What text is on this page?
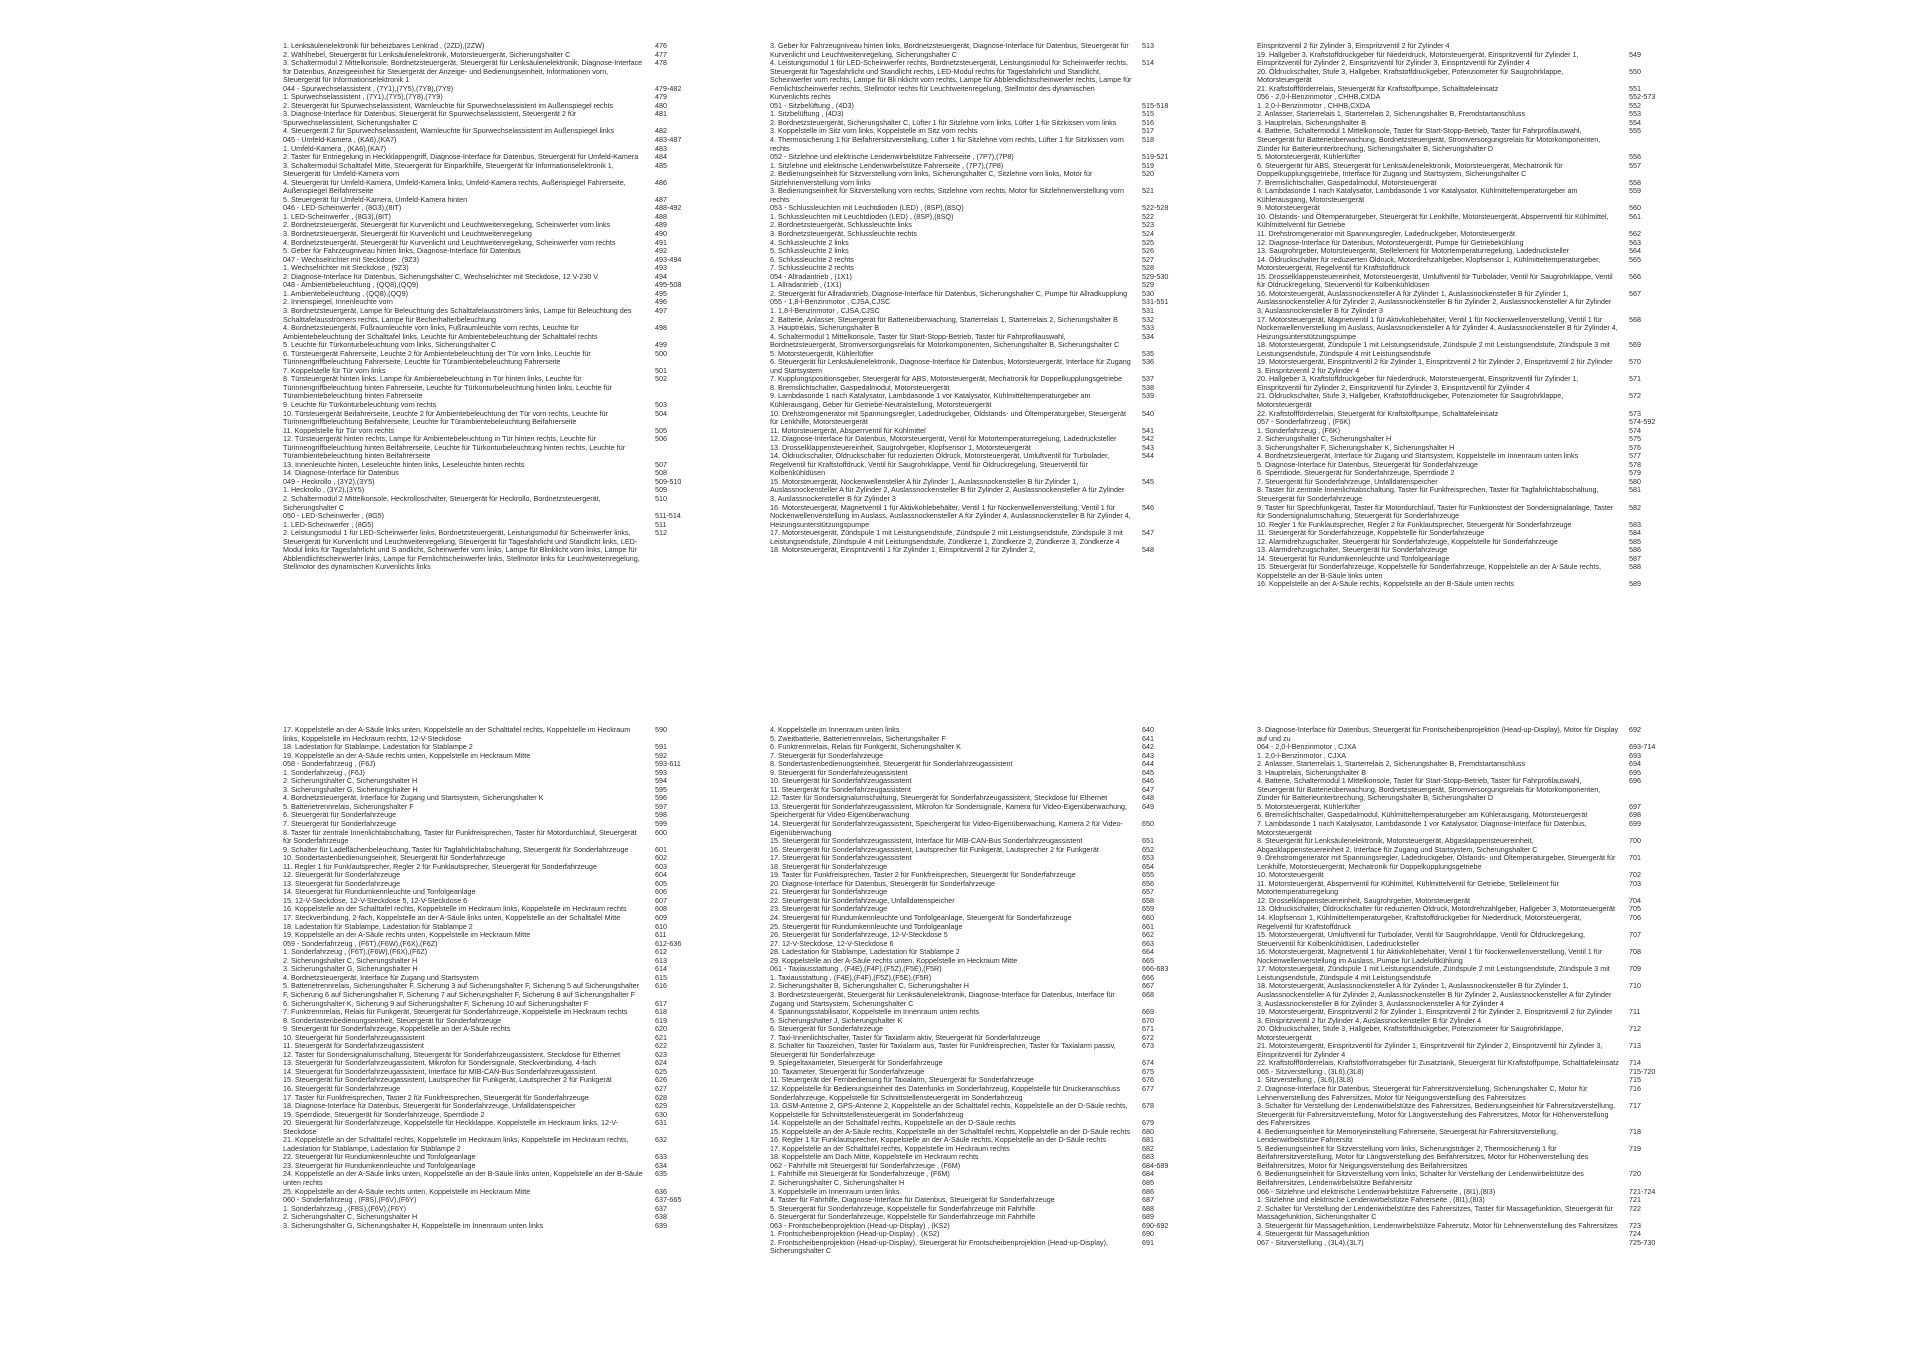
1. Lenksäulenelektronik für beheizbares Lenkrad , (2ZD),(2ZW)	476
2. Wählhebel, Steuergerät für Lenksäulenelektronik, Motorsteuergerät, Sicherungshalter C	477
3. Schaltermodul 2 Mittelkonsole, Bordnetzsteuergerät, Steuergerät für Lenksäulenelektronik, Diagnose-Interface für Datenbus, Anzeigeeinheit für Steuergerät der Anzeige- und Bedienungseinheit, Informationen vorn, Steuergerät für Informationselektronik 1
478
044 - Spurwechselassistent , (7Y1),(7Y5),(7Y8),(7Y9)	479-482
1. Spurwechselassistent , (7Y1),(7Y5),(7Y8),(7Y9)	479
2. Steuergerät für Spurwechselassistent, Warnleuchte für Spurwechselassistent im Außenspiegel rechts	480
3. Diagnose-Interface für Datenbus, Steuergerät für Spurwechselassistent, Steuergerät 2 für Spurwechselassistent, Sicherungshalter C
481
4. Steuergerät 2 für Spurwechselassistent, Warnleuchte für Spurwechselassistent im Außenspiegel links	482
045 - Umfeld-Kamera , (KA6),(KA7)	483-487
1. Umfeld-Kamera , (KA6),(KA7)	483
2. Taster für Entriegelung in Heckklappengriff, Diagnose-Interface für Datenbus, Steuergerät für Umfeld-Kamera	484
3. Schaltermodul Schalttafel Mitte, Steuergerät für Einparkhilfe, Steuergerät für Informationselektronik 1, Steuergerät für Umfeld-Kamera vorn
485
4. Steuergerät für Umfeld-Kamera, Umfeld-Kamera links, Umfeld-Kamera rechts, Außenspiegel Fahrerseite, Außenspiegel Beifahrerseite
486
5. Steuergerät für Umfeld-Kamera, Umfeld-Kamera hinten	487
046 - LED-Scheinwerfer , (8G3),(8IT)	488-492
1. LED-Scheinwerfer , (8G3),(8IT)	488
2. Bordnetzsteuergerät, Steuergerät für Kurvenlicht und Leuchtweitenregelung, Scheinwerfer vorn links	489
3. Bordnetzsteuergerät, Steuergerät für Kurvenlicht und Leuchtweitenregelung	490
4. Bordnetzsteuergerät, Steuergerät für Kurvenlicht und Leuchtweitenregelung, Scheinwerfer vorn rechts	491
5. Geber für Fahrzeugniveau hinten links, Diagnose-Interface für Datenbus	492
047 - Wechselrichter mit Steckdose , (9Z3)	493-494
1. Wechselrichter mit Steckdose , (9Z3)	493
2. Diagnose-Interface für Datenbus, Sicherungshalter C, Wechselrichter mit Steckdose, 12 V-230 V	494
048 - Ambientebeleuchtung , (QQ8),(QQ9)	495-508
1. Ambientebeleuchtung , (QQ8),(QQ9)	495
2. Innenspiegel, Innenleuchte vorn	496
3. Bordnetzsteuergerät, Lampe für Beleuchtung des Schalttafelausströmers links, Lampe für Beleuchtung des Schalttafelausströmers rechts, Lampe für Becherhalterbeleuchtung
497
4. Bordnetzsteuergerät, Fußraumleuchte vorn links, Fußraumleuchte vorn rechts, Leuchte für Ambientebeleuchtung der Schalttafel links, Leuchte für Ambientebeleuchtung der Schalttafel rechts
498
5. Leuchte für Türkonturbeleuchtung vorn links, Sicherungshalter C	499
6. Türsteuergerät Fahrerseite, Leuchte 2 für Ambientebeleuchtung der Tür vorn links, Leuchte für Türinnengriffbeleuchtung Fahrerseite, Leuchte für Türambientebeleuchtung Fahrerseite
500
7. Koppelstelle für Tür vorn links	501
8. Türsteuergerät hinten links, Lampe für Ambientebeleuchtung in Tür hinten links, Leuchte für Türinnengriffbeleuchtung hinten Fahrerseite, Leuchte für Türkonturbeleuchtung hinten links, Leuchte für Türambientebeleuchtung hinten Fahrerseite
502
9. Leuchte für Türkonturbeleuchtung vorn rechts	503
10. Türsteuergerät Beifahrerseite, Leuchte 2 für Ambientebeleuchtung der Tür vorn rechts, Leuchte für Türinnengriffbeleuchtung Beifahrerseite, Leuchte für Türambientebeleuchtung Beifahrerseite
504
11. Koppelstelle für Tür vorn rechts	505
12. Türsteuergerät hinten rechts, Lampe für Ambientebeleuchtung in Tür hinten rechts, Leuchte für Türinnengriffbeleuchtung hinten Beifahrerseite, Leuchte für Türkonturbeleuchtung hinten rechts, Leuchte für Türambientebeleuchtung hinten Beifahrerseite
506
13. Innenleuchte hinten, Leseleuchte hinten links, Leseleuchte hinten rechts	507
14. Diagnose-Interface für Datenbus	508
049 - Heckrollo , (3Y2),(3Y5)	509-510
1. Heckrollo , (3Y2),(3Y5)	509
2. Schaltermodul 2 Mittelkonsole, Heckrolloschalter, Steuergerät für Heckrollo, Bordnetzsteuergerät, Sicherungshalter C
510
050 - LED-Scheinwerfer , (8G5)	511-514
1. LED-Scheinwerfer , (8G5)	511
2. Leistungsmodul 1 für LED-Scheinwerfer links, Bordnetzsteuergerät, Leistungsmodul für Scheinwerfer links, Steuergerät für Kurvenlicht und Leuchtweitenregelung, Steuergerät für Tagesfahrlicht und Standlicht links, LED-Modul links für Tagesfahrlicht und S andlicht, Scheinwerfer vorn links, Lampe für Blinklicht vorn links, Lampe für Abblendlichtscheinwerfer links, Lampe für Fernlichtscheinwerfer links, Stellmotor links für Leuchtweitenregelung, Stellmotor des dynamischen Kurvenlichts links
512
3. Geber für Fahrzeugniveau hinten links, Bordnetzsteuergerät, Diagnose-Interface für Datenbus, Steuergerät für Kurvenlicht und Leuchtweitenregelung, Sicherungshalter C
513
4. Leistungsmodul 1 für LED-Scheinwerfer rechts, Bordnetzsteuergerät, Leistungsmodul für Scheinwerfer rechts, Steuergerät für Tagesfahrlicht und Standlicht rechts, LED-Modul rechts für Tagesfahrlicht und Standlicht, Scheinwerfer vorn rechts, Lampe für Bli nklicht vorn rechts, Lampe für Abblendlichtscheinwerfer rechts, Lampe für Fernlichtscheinwerfer rechts, Stellmotor rechts für Leuchtweitenregelung, Stellmotor des dynamischen Kurvenlichts rechts
514
051 - Sitzbelüftung , (4D3)	515-518
1. Sitzbelüftung , (4D3)	515
2. Bordnetzsteuergerät, Sicherungshalter C, Lüfter 1 für Sitzlehne vorn links, Lüfter 1 für Sitzkissen vorn links	516
3. Koppelstelle im Sitz vorn links, Koppelstelle im Sitz vorn rechts	517
4. Thermosicherung 1 für Beifahrersitzverstellung, Lüfter 1 für Sitzlehne vorn rechts, Lüfter 1 für Sitzkissen vorn rechts
518
052 - Sitzlehne und elektrische Lendenwirbelstütze Fahrerseite , (7P7),(7P8)	519-521
1. Sitzlehne und elektrische Lendenwirbelstütze Fahrerseite , (7P7),(7P8)	519
2. Bedienungseinheit für Sitzverstellung vorn links, Sicherungshalter C, Sitzlehne vorn links, Motor für Sitzlehnenverstellung vorn links
520
3. Bedienungseinheit für Sitzverstellung vorn rechts, Sitzlehne vorn rechts, Motor für Sitzlehnenverstellung vorn rechts
521
053 - Schlussleuchten mit Leuchtdioden (LED) , (8SP),(8SQ)	522-528
1. Schlussleuchten mit Leuchtdioden (LED) , (8SP),(8SQ)	522
2. Bordnetzsteuergerät, Schlussleuchte links	523
3. Bordnetzsteuergerät, Schlussleuchte rechts	524
4. Schlussleuchte 2 links	525
5. Schlussleuchte 2 links	526
6. Schlussleuchte 2 rechts	527
7. Schlussleuchte 2 rechts	528
054 - Allradantrieb , (1X1)	529-530
1. Allradantrieb , (1X1)	529
2. Steuergerät für Allradantrieb, Diagnose-Interface für Datenbus, Sicherungshalter C, Pumpe für Allradkupplung	530
055 - 1,8-l-Benzinmotor , CJSA,CJSC	531-551
1. 1,8-l-Benzinmotor , CJSA,CJSC	531
2. Batterie, Anlasser, Steuergerät für Batterieüberwachung, Starterrelais 1, Starterrelais 2, Sicherungshalter B	532
3. Hauptrelais, Sicherungshalter B	533
4. Schaltermodul 1 Mittelkonsole, Taster für Start-Stopp-Betrieb, Taster für Fahrprofilauswahl, Bordnetzsteuergerät, Stromversorgungsrelais für Motorkomponenten, Sicherungshalter B, Sicherungshalter C
534
5. Motorsteuergerät, Kühlerlüfter	535
6. Steuergerät für Lenksäulenelektronik, Diagnose-Interface für Datenbus, Motorsteuergerät, Interface für Zugang und Startsystem
536
7. Kupplungspositionsgeber, Steuergerät für ABS, Motorsteuergerät, Mechatronik für Doppelkupplungsgetriebe	537
8. Bremslichtschalter, Gaspedalmodul, Motorsteuergerät	538
9. Lambdasonde 1 nach Katalysator, Lambdasonde 1 vor Katalysator, Kühlmitteltemperaturgeber am Kühlerausgang, Geber für Getriebe-Neutralstellung, Motorsteuergerät
539
10. Drehstromgenerator mit Spannungsregler, Ladedruckgeber, Öldstands- und Öltemperaturgeber, Steuergerät für Lenkhilfe, Motorsteuergerät
540
11. Motorsteuergerät, Absperrventil für Kühlmittel	541
12. Diagnose-Interface für Datenbus, Motorsteuergerät, Ventil für Motortemperaturregelung, Ladedrucksteller	542
13. Drosselklappensteuereinheit, Saugrohrgeber, Klopfsensor 1, Motorsteuergerät	543
14. Öldruckschalter, Öldruckschalter für reduzierten Öldruck, Motorsteuergerät, Umluftventil für Turbolader, Regelventil für Kraftstoffdruck, Ventil für Saugrohrklappe, Ventil für Öldruckregelung, Steuerventil für Kolbenkühldüsen
544
15. Motorsteuergerät, Nockenwellensteller A für Zylinder 1, Auslassnockensteller B für Zylinder 1, Auslassnockensteller A für Zylinder 2, Auslassnockensteller B für Zylinder 2, Auslassnockensteller A für Zylinder 3, Auslassnockensteller B für Zylinder 3
545
16. Motorsteuergerät, Magnetventil 1 für Aktivkohlebehälter, Ventil 1 für Nockenwellenverstellung, Ventil 1 für Nockenwellenverstellung im Auslass, Auslassnockensteller A für Zylinder 4, Auslassnockensteller B für Zylinder 4, Heizungsunterstützungspumpe
546
17. Motorsteuergerät, Zündspule 1 mit Leistungsendstufe, Zündspule 2 mit Leistungsendstufe, Zündspule 3 mit Leistungsendstufe, Zündspule 4 mit Leistungsendstufe, Zündkerze 1, Zündkerze 2, Zündkerze 3, Zündkerze 4
547
18. Motorsteuergerät, Einspritzventil 1 für Zylinder 1, Einspritzventil 2 für Zylinder 2,	548
Einspritzventil 2 für Zylinder 3, Einspritzventil 2 für Zylinder 4
19. Hallgeber 3, Kraftstoffdruckgeber für Niederdruck, Motorsteuergerät, Einspritzventil für Zylinder 1, Einspritzventil für Zylinder 2, Einspritzventil für Zylinder 3, Einspritzventil für Zylinder 4
549
20. Öldruckschalter, Stufe 3, Hallgeber, Kraftstoffdruckgeber, Potenziometer für Saugrohrklappe, Motorsteuergerät
550
21. Kraftstoffförderrelais, Steuergerät für Kraftstoffpumpe, Schalttafeleinsatz	551
056 - 2,0-l-Benzinmotor , CHHB,CXDA	552-573
1. 2,0-l-Benzinmotor , CHHB,CXDA	552
2. Anlasser, Starterrelais 1, Starterrelais 2, Sicherungshalter B, Fremdstartanschluss	553
3. Hauptrelais, Sicherungshalter B	554
4. Batterie, Schaltermodul 1 Mittelkonsole, Taster für Start-Stopp-Betrieb, Taster für Fahrprofilauswahl, Steuergerät für Batterieüberwachung, Bordnetzsteuergerät, Stromversorgungsrelais für Motorkomponenten, Zünder für Batterieunterbrechung, Sicherungshalter B, Sicherungshalter D
555
5. Motorsteuergerät, Kühlerlüfter	556
6. Steuergerät für ABS, Steuergerät für Lenksäulenelektronik, Motorsteuergerät, Mechatronik für Doppelkupplungsgetriebe, Interface für Zugang und Startsystem, Sicherungshalter C
557
7. Bremslichtschalter, Gaspedalmodul, Motorsteuergerät	558
8. Lambdasonde 1 nach Katalysator, Lambdasonde 1 vor Katalysator, Kühlmitteltemperaturgeber am Kühlerausgang, Motorsteuergerät
559
9. Motorsteuergerät	560
10. Ölstands- und Öltemperaturgeber, Steuergerät für Lenkhilfe, Motorsteuergerät, Absperrventil für Kühlmittel, Kühlmittelventil für Getriebe
561
11. Drehstromgenerator mit Spannungsregler, Ladedruckgeber, Motorsteuergerät	562
12. Diagnose-Interface für Datenbus, Motorsteuergerät, Pumpe für Getriebekühlung	563
13. Saugrohrgeber, Motorsteuergerät, Stellelement für Motortemperaturregelung, Ladedrucksteller	564
14. Öldruckschalter für reduzierten Öldruck, Motordrehzahlgeber, Klopfsensor 1, Kühlmitteltemperaturgeber, Motorsteuergerät, Regelventil für Kraftstoffdruck
565
15. Drosselklappensteuereinheit, Motorsteuergerät, Umluftventil für Turbolader, Ventil für Saugrohrklappe, Ventil für Öldruckregelung, Steuerventil für Kolbenkühldüsen
566
16. Motorsteuergerät, Auslassnockensteller A für Zylinder 1, Auslassnockensteller B für Zylinder 1, Auslassnockensteller A für Zylinder 2, Auslassnockensteller B für Zylinder 2, Auslassnockensteller A für Zylinder 3, Auslassnockensteller B für Zylinder 3
567
17. Motorsteuergerät, Magnetventil 1 für Aktivkohlebehälter, Ventil 1 für Nockenwellenverstellung, Ventil 1 für Nockenwellenverstellung im Auslass, Auslassnockensteller A für Zylinder 4, Auslassnockensteller B für Zylinder 4, Heizungsunterstützungspumpe
568
18. Motorsteuergerät, Zündspule 1 mit Leistungsendstufe, Zündspule 2 mit Leistungsendstufe, Zündspule 3 mit Leistungsendstufe, Zündspule 4 mit Leistungsendstufe
569
19. Motorsteuergerät, Einspritzventil 2 für Zylinder 1, Einspritzventil 2 für Zylinder 2, Einspritzventil 2 für Zylinder 3, Einspritzventil 2 für Zylinder 4
570
20. Hallgeber 3, Kraftstoffdruckgeber für Niederdruck, Motorsteuergerät, Einspritzventil für Zylinder 1, Einspritzventil für Zylinder 2, Einspritzventil für Zylinder 3, Einspritzventil für Zylinder 4
571
21. Öldruckschalter, Stufe 3, Hallgeber, Kraftstoffdruckgeber, Potenziometer für Saugrohrklappe, Motorsteuergerät
572
22. Kraftstoffförderrelais, Steuergerät für Kraftstoffpumpe, Schalttafeleinsatz	573
057 - Sonderfahrzeug , (F6K)	574-592
1. Sonderfahrzeug , (F6K)	574
2. Sicherungshalter C, Sicherungshalter H	575
3. Sicherungshalter F, Sicherungshalter K, Sicherungshalter H	576
4. Bordnetzsteuergerät, Interface für Zugang und Startsystem, Koppelstelle im Innenraum unten links	577
5. Diagnose-Interface für Datenbus, Steuergerät für Sonderfahrzeuge	578
6. Sperrdiode, Steuergerät für Sonderfahrzeuge, Sperrdiode 2	579
7. Steuergerät für Sonderfahrzeuge, Unfalldatenspeicher	580
8. Taster für zentrale Innenlichtabschaltung, Taster für Funkfreisprechen, Taster für Tagfahrlichtabschaltung, Steuergerät für Sonderfahrzeuge
581
9. Taster für Sprechfunkgerät, Taster für Motordurchlauf, Taster für Funktionstest der Sondersignalanlage, Taster für Sondersignalumschaltung, Steuergerät für Sonderfahrzeuge
582
10. Regler 1 für Funklautsprecher, Regler 2 für Funklautsprecher, Steuergerät für Sonderfahrzeuge	583
11. Steuergerät für Sonderfahrzeuge, Koppelstelle für Sonderfahrzeuge	584
12. Alarmdrehzugschalter, Steuergerät für Sonderfahrzeuge, Koppelstelle für Sonderfahrzeuge	585
13. Alarmdrehzugschalter, Steuergerät für Sonderfahrzeuge	586
14. Steuergerät für Rundumkennleuchte und Tonfolgeanlage	587
15. Steuergerät für Sonderfahrzeuge, Koppelstelle für Sonderfahrzeuge, Koppelstelle an der A-Säule rechts, Koppelstelle an der B-Säule links unten
588
16. Koppelstelle an der A-Säule rechts, Koppelstelle an der B-Säule unten rechts	589
17. Koppelstelle an der A-Säule links unten, Koppelstelle an der Schalttafel rechts, Koppelstelle im Heckraum links, Koppelstelle im Heckraum rechts, 12-V-Steckdose
590
18. Ladestation für Stablampe, Ladestation für Stablampe 2	591
19. Koppelstelle an der A-Säule rechts unten, Koppelstelle im Heckraum Mitte	592
058 - Sonderfahrzeug , (F6J)	593-611
1. Sonderfahrzeug , (F6J)	593
2. Sicherungshalter C, Sicherungshalter H	594
3. Sicherungshalter G, Sicherungshalter H	595
4. Bordnetzsteuergerät, Interface für Zugang und Startsystem, Sicherungshalter K	596
5. Batterietrennrelais, Sicherungshalter F	597
6. Steuergerät für Sonderfahrzeuge	598
7. Steuergerät für Sonderfahrzeuge	599
8. Taster für zentrale Innenlichtabschaltung, Taster für Funkfreisprechen, Taster für Motordurchlauf, Steuergerät für Sonderfahrzeuge
600
9. Schalter für Ladeflächenbeleuchtung, Taster für Tagfahrlichtabschaltung, Steuergerät für Sonderfahrzeuge	601
10. Sondertastenbedienungseinheit, Steuergerät für Sonderfahrzeuge	602
11. Regler 1 für Funklautsprecher, Regler 2 für Funklautsprecher, Steuergerät für Sonderfahrzeuge	603
12. Steuergerät für Sonderfahrzeuge	604
13. Steuergerät für Sonderfahrzeuge	605
14. Steuergerät für Rundumkennleuchte und Tonfolgeanlage	606
15. 12-V-Steckdose, 12-V-Steckdose 5, 12-V-Steckdose 6	607
16. Koppelstelle an der Schalttafel rechts, Koppelstelle im Heckraum links, Koppelstelle im Heckraum rechts	608
17. Steckverbindung, 2-fach, Koppelstelle an der A-Säule links unten, Koppelstelle an der Schalttafel Mitte	609
18. Ladestation für Stablampe, Ladestation für Stablampe 2	610
19. Koppelstelle an der A-Säule rechts unten, Koppelstelle im Heckraum Mitte	611
059 - Sonderfahrzeug , (F6T),(F6W),(F6X),(F6Z)	612-636
1. Sonderfahrzeug , (F6T),(F6W),(F6X),(F6Z)	612
2. Sicherungshalter C, Sicherungshalter H	613
3. Sicherungshalter G, Sicherungshalter H	614
4. Bordnetzsteuergerät, Interface für Zugang und Startsystem	615
5. Batterietrennrelais, Sicherungshalter F, Sicherung 3 auf Sicherungshalter F, Sicherung 5 auf Sicherungshalter F, Sicherung 6 auf Sicherungshalter F, Sicherung 7 auf Sicherungshalter F, Sicherung 8 auf Sicherungshalter F
616
6. Sicherungshalter K, Sicherung 9 auf Sicherungshalter F, Sicherung 10 auf Sicherungshalter F	617
7. Funktrennrelais, Relais für Funkgerät, Steuergerät für Sonderfahrzeuge, Koppelstelle im Heckraum rechts	618
8. Sondertastenbedienungseinheit, Steuergerät für Sonderfahrzeuge	619
9. Steuergerät für Sonderfahrzeuge, Koppelstelle an der A-Säule rechts	620
10. Steuergerät für Sonderfahrzeugassistent	621
11. Steuergerät für Sonderfahrzeugassistent	622
12. Taster für Sondersignalumschaltung, Steuergerät für Sonderfahrzeugassistent, Steckdose für Ethernet	623
13. Steuergerät für Sonderfahrzeugassistent, Mikrofon für Sondersignale, Steckverbindung, 4-fach	624
14. Steuergerät für Sonderfahrzeugassistent, Interface für MIB-CAN-Bus Sonderfahrzeugassistent	625
15. Steuergerät für Sonderfahrzeugassistent, Lautsprecher für Funkgerät, Lautsprecher 2 für Funkgerät	626
16. Steuergerät für Sonderfahrzeuge	627
17. Taster für Funkfreisprechen, Taster 2 für Funkfreisprechen, Steuergerät für Sonderfahrzeuge	628
18. Diagnose-Interface für Datenbus, Steuergerät für Sonderfahrzeuge, Unfalldatenspeicher	629
19. Sperrdiode, Steuergerät für Sonderfahrzeuge, Sperrdiode 2	630
20. Steuergerät für Sonderfahrzeuge, Koppelstelle für Heckklappe, Koppelstelle im Heckraum links, 12-V-Steckdose
631
21. Koppelstelle an der Schalttafel rechts, Koppelstelle im Heckraum links, Koppelstelle im Heckraum rechts, Ladestation für Stablampe, Ladestation für Stablampe 2
632
22. Steuergerät für Rundumkennleuchte und Tonfolgeanlage	633
23. Steuergerät für Rundumkennleuchte und Tonfolgeanlage	634
24. Koppelstelle an der A-Säule links unten, Koppelstelle an der B-Säule links unten, Koppelstelle an der B-Säule unten rechts
635
25. Koppelstelle an der A-Säule rechts unten, Koppelstelle im Heckraum Mitte	636
060 - Sonderfahrzeug , (F8S),(F6V),(F6Y)	637-665
1. Sonderfahrzeug , (F8S),(F6V),(F6Y)	637
2. Sicherungshalter C, Sicherungshalter H	638
3. Sicherungshalter G, Sicherungshalter H, Koppelstelle im Innenraum unten links	639
4. Koppelstelle im Innenraum unten links	640
5. Zweitbatterie, Batterietrennrelais, Sicherungshalter F	641
6. Funktrennrelais, Relais für Funkgerät, Sicherungshalter K	642
7. Steuergerät für Sonderfahrzeuge	643
8. Sondertastenbedienungseinheit, Steuergerät für Sonderfahrzeugassistent	644
9. Steuergerät für Sonderfahrzeugassistent	645
10. Steuergerät für Sonderfahrzeugassistent	646
11. Steuergerät für Sonderfahrzeugassistent	647
12. Taster für Sondersignalumschaltung, Steuergerät für Sonderfahrzeugassistent, Steckdose für Ethernet	648
13. Steuergerät für Sonderfahrzeugassistent, Mikrofon für Sondersignale, Kamera für Video-Eigenüberwachung, Speichergerät für Video-Eigenüberwachung
649
14. Steuergerät für Sonderfahrzeugassistent, Speichergerät für Video-Eigenüberwachung, Kamera 2 für Video-Eigenüberwachung
650
15. Steuergerät für Sonderfahrzeugassistent, Interface für MIB-CAN-Bus Sonderfahrzeugassistent	651
16. Steuergerät für Sonderfahrzeugassistent, Lautsprecher für Funkgerät, Lautsprecher 2 für Funkgerät	652
17. Steuergerät für Sonderfahrzeugassistent	653
18. Steuergerät für Sonderfahrzeuge	654
19. Taster für Funkfreisprechen, Taster 2 für Funkfreisprechen, Steuergerät für Sonderfahrzeuge	655
20. Diagnose-Interface für Datenbus, Steuergerät für Sonderfahrzeuge	656
21. Steuergerät für Sonderfahrzeuge	657
22. Steuergerät für Sonderfahrzeuge, Unfalldatenspeicher	658
23. Steuergerät für Sonderfahrzeuge	659
24. Steuergerät für Rundumkennleuchte und Tonfolgeanlage, Steuergerät für Sonderfahrzeuge	660
25. Steuergerät für Rundumkennleuchte und Tonfolgeanlage	661
26. Steuergerät für Sonderfahrzeuge, 12-V-Steckdose 5	662
27. 12-V-Steckdose, 12-V-Steckdose 6	663
28. Ladestation für Stablampe, Ladestation für Stablampe 2	664
29. Koppelstelle an der A-Säule rechts unten, Koppelstelle im Heckraum Mitte	665
061 - Taxiausstattung , (F4E),(F4F),(F5Z),(F5E),(F5R)	666-683
1. Taxiausstattung , (F4E),(F4F),(F5Z),(F5E),(F5R)	666
2. Sicherungshalter B, Sicherungshalter C, Sicherungshalter H	667
3. Bordnetzsteuergerät, Steuergerät für Lenksäulenelektronik, Diagnose-Interface für Datenbus, Interface für Zugang und Startsystem, Sicherungshalter C
668
4. Spannungsstabilisator, Koppelstelle im Innenraum unten rechts	669
5. Sicherungshalter J, Sicherungshalter K	670
6. Steuergerät für Sonderfahrzeuge	671
7. Taxi-Innenlichtschalter, Taster für Taxialarm aktiv, Steuergerät für Sonderfahrzeuge	672
8. Schalter für Taxizeichen, Taster für Taxialarm aus, Taster für Funkfreisprechen, Taster für Taxialarm passiv, Steuergerät für Sonderfahrzeuge
673
9. Spiegeltaxameter, Steuergerät für Sonderfahrzeuge	674
10. Taxameter, Steuergerät für Sonderfahrzeuge	675
11. Steuergerät der Fernbedienung für Taxialarm, Steuergerät für Sonderfahrzeuge	676
12. Koppelstelle für Bedienungseinheit des Datenfunks im Sonderfahrzeug, Koppelstelle für Druckeranschluss Sonderfahrzeuge, Koppelstelle für Schnittstellensteuergerät im Sonderfahrzeug
677
13. GSM-Antenne 2, GPS-Antenne 2, Koppelstelle an der Schalttafel rechts, Koppelstelle an der D-Säule rechts, Koppelstelle für Schnittstellensteuergerät im Sonderfahrzeug
678
14. Koppelstelle an der Schalttafel rechts, Koppelstelle an der D-Säule rechts	679
15. Koppelstelle an der A-Säule rechts, Koppelstelle an der Schalttafel rechts, Koppelstelle an der D-Säule rechts 680
16. Regler 1 für Funklautsprecher, Koppelstelle an der A-Säule rechts, Koppelstelle an der D-Säule rechts	681
17. Koppelstelle an der Schalttafel rechts, Koppelstelle im Heckraum rechts	682
18. Koppelstelle am Dach Mitte, Koppelstelle im Heckraum rechts	683
062 - Fahrhilfe mit Steuergerät für Sonderfahrzeuge , (F6M)	684-689
1. Fahrhilfe mit Steuergerät für Sonderfahrzeuge , (F6M)	684
2. Sicherungshalter C, Sicherungshalter H	685
3. Koppelstelle im Innenraum unten links	686
4. Taster für Fahrhilfe, Diagnose-Interface für Datenbus, Steuergerät für Sonderfahrzeuge	687
5. Steuergerät für Sonderfahrzeuge, Koppelstelle für Sonderfahrzeuge mit Fahrhilfe	688
6. Steuergerät für Sonderfahrzeuge, Koppelstelle für Sonderfahrzeuge mit Fahrhilfe	689
063 - Frontscheibenprojektion (Head-up-Display) , (KS2)	690-692
1. Frontscheibenprojektion (Head-up-Display) , (KS2)	690
2. Frontscheibenprojektion (Head-up-Display), Steuergerät für Frontscheibenprojektion (Head-up-Display), Sicherungshalter C
691
3. Diagnose-Interface für Datenbus, Steuergerät für Frontscheibenprojektion (Head-up-Display), Motor für Display auf und zu
692
064 - 2,0-l-Benzinmotor , CJXA	693-714
1. 2,0-l-Benzinmotor , CJXA	693
2. Anlasser, Starterrelais 1, Starterrelais 2, Sicherungshalter B, Fremdstartanschluss	694
3. Hauptrelais, Sicherungshalter B	695
4. Batterie, Schaltermodul 1 Mittelkonsole, Taster für Start-Stopp-Betrieb, Taster für Fahrprofilauswahl, Steuergerät für Batterieüberwachung, Bordnetzsteuergerät, Stromversorgungsrelais für Motorkomponenten, Zünder für Batterieunterbrechung, Sicherungshalter B, Sicherungshalter D
696
5. Motorsteuergerät, Kühlerlüfter	697
6. Bremslichtschalter, Gaspedalmodul, Kühlmitteltemperaturgeber am Kühlerausgang, Motorsteuergerät	698
7. Lambdasonde 1 nach Katalysator, Lambdasonde 1 vor Katalysator, Diagnose-Interface für Datenbus, Motorsteuergerät
699
8. Steuergerät für Lenksäulenelektronik, Motorsteuergerät, Abgasklappensteuereinheit, Abgasklappensteuereinheit 2, Interface für Zugang und Startsystem, Sicherungshalter C
700
9. Drehstromgenerator mit Spannungsregler, Ladedruckgeber, Ölstands- und Öltemperaturgeber, Steuergerät für Lenkhilfe, Motorsteuergerät, Mechatronik für Doppelkupplungsgetriebe
701
10. Motorsteuergerät	702
11. Motorsteuergerät, Absperrventil für Kühlmittel, Kühlmittelventil für Getriebe, Stellelement für Motortemperaturregelung
703
12. Drosselklappensteuereinheit, Saugrohrgeber, Motorsteuergerät	704
13. Öldruckschalter, Öldruckschalter für reduzierten Öldruck, Motordrehzahlgeber, Hallgeber 3, Motorsteuergerät	705
14. Klopfsensor 1, Kühlmitteltemperaturgeber, Kraftstoffdruckgeber für Niederdruck, Motorsteuergerät, Regelventil für Kraftstoffdruck
706
15. Motorsteuergerät, Umluftventil für Turbolader, Ventil für Saugrohrklappe, Ventil für Öldruckregelung, Steuerventil für Kolbenkühldüsen, Ladedrucksteller
707
16. Motorsteuergerät, Magnetventil 1 für Aktivkohlebehälter, Ventil 1 für Nockenwellenverstellung, Ventil 1 für Nockenwellenverstellung im Auslass, Pumpe für Ladeluftkühlung
708
17. Motorsteuergerät, Zündspule 1 mit Leistungsendstufe, Zündspule 2 mit Leistungsendstufe, Zündspule 3 mit Leistungsendstufe, Zündspule 4 mit Leistungsendstufe
709
18. Motorsteuergerät, Auslassnockensteller A für Zylinder 1, Auslassnockensteller B für Zylinder 1, Auslassnockensteller A für Zylinder 2, Auslassnockensteller B für Zylinder 2, Auslassnockensteller A für Zylinder 3, Auslassnockensteller B für Zylinder 3, Auslassnockensteller A für Zylinder 4
710
19. Motorsteuergerät, Einspritzventil 2 für Zylinder 1, Einspritzventil 2 für Zylinder 2, Einspritzventil 2 für Zylinder 3, Einspritzventil 2 für Zylinder 4, Auslassnockensteller B für Zylinder 4
711
20. Öldruckschalter, Stufe 3, Hallgeber, Kraftstoffdruckgeber, Potenziometer für Saugrohrklappe, Motorsteuergerät
712
21. Motorsteuergerät, Einspritzventil für Zylinder 1, Einspritzventil für Zylinder 2, Einspritzventil für Zylinder 3, Einspritzventil für Zylinder 4
713
22. Kraftstoffförderrelais, Kraftstoffvorratsgeber für Zusatztank, Steuergerät für Kraftstoffpumpe, Schalttafeleinsatz 714
065 - Sitzverstellung , (3L6),(3L8)	715-720
1. Sitzverstellung , (3L6),(3L8)	715
2. Diagnose-Interface für Datenbus, Steuergerät für Fahrersitzverstellung, Sicherungshalter C, Motor für Lehnenverstellung des Fahrersitzes, Motor für Neigungsverstellung des Fahrersitzes
716
3. Schalter für Verstellung der Lendenwirbelstütze des Fahrersitzes, Bedienungseinheit für Fahrersitzverstellung, Steuergerät für Fahrersitzverstellung, Motor für Längsverstellung des Fahrersitzes, Motor für Höhenverstellung des Fahrersitzes
717
4. Bedienungseinheit für Memoryeinstellung Fahrerseite, Steuergerät für Fahrersitzverstellung, Lendenwirbelstütze Fahrersitz
718
5. Bedienungseinheit für Sitzverstellung vorn links, Sicherungsträger 2, Thermosicherung 1 für Beifahrersitzverstellung, Motor für Längsverstellung des Beifahrersitzes, Motor für Höhenverstellung des Beifahrersitzes, Motor für Neigungsverstellung des Beifahrersitzes
719
6. Bedienungseinheit für Sitzverstellung vorn links, Schalter für Verstellung der Lendenwirbelstütze des Beifahrersitzes, Lendenwirbelstütze Beifahrersitz
720
066 - Sitzlehne und elektrische Lendenwirbelstütze Fahrerseite , (8I1),(8I3)	721-724
1. Sitzlehne und elektrische Lendenwirbelstütze Fahrerseite , (8I1),(8I3)	721
2. Schalter für Verstellung der Lendenwirbelstütze des Fahrersitzes, Taster für Massagefunktion, Steuergerät für Massagefunktion, Sicherungshalter C
722
3. Steuergerät für Massagefunktion, Lendenwirbelstütze Fahrersitz, Motor für Lehnenverstellung des Fahrersitzes 723
4. Steuergerät für Massagefunktion	724
067 - Sitzverstellung , (3L4),(3L7)	725-730
